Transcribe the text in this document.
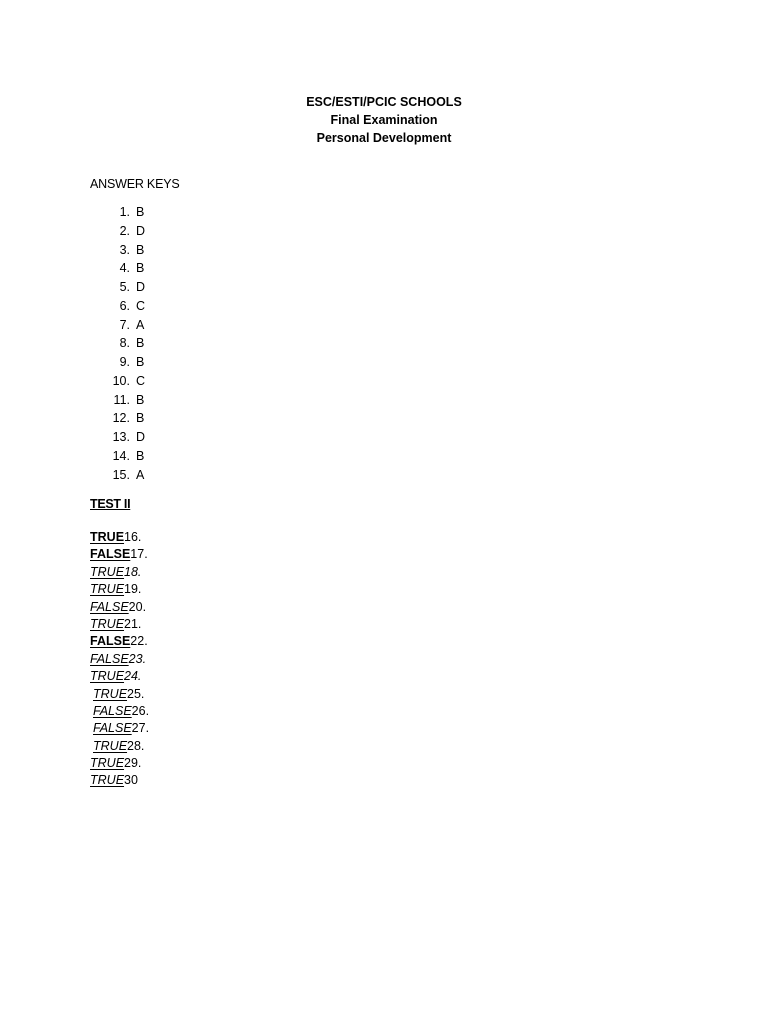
ESC/ESTI/PCIC SCHOOLS
Final Examination
Personal Development
ANSWER KEYS
1. B
2. D
3. B
4. B
5. D
6. C
7. A
8. B
9. B
10. C
11. B
12. B
13. D
14. B
15. A
TEST II
TRUE16.
FALSE17.
TRUE18.
TRUE19.
FALSE20.
TRUE21.
FALSE22.
FALSE23.
TRUE24.
TRUE25.
FALSE26.
FALSE27.
TRUE28.
TRUE29.
TRUE30
